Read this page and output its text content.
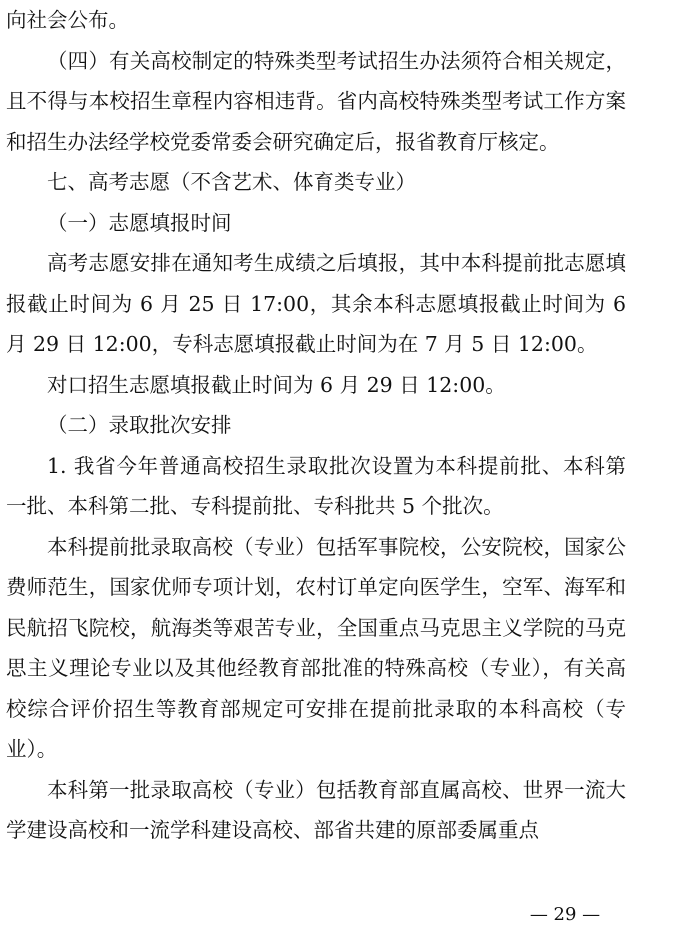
向社会公布。

（四）有关高校制定的特殊类型考试招生办法须符合相关规定，且不得与本校招生章程内容相违背。省内高校特殊类型考试工作方案和招生办法经学校党委常委会研究确定后，报省教育厅核定。

七、高考志愿（不含艺术、体育类专业）

（一）志愿填报时间

高考志愿安排在通知考生成绩之后填报，其中本科提前批志愿填报截止时间为 6 月 25 日 17:00，其余本科志愿填报截止时间为 6 月 29 日 12:00，专科志愿填报截止时间为在 7 月 5 日 12:00。

对口招生志愿填报截止时间为 6 月 29 日 12:00。

（二）录取批次安排

1. 我省今年普通高校招生录取批次设置为本科提前批、本科第一批、本科第二批、专科提前批、专科批共 5 个批次。

本科提前批录取高校（专业）包括军事院校，公安院校，国家公费师范生，国家优师专项计划，农村订单定向医学生，空军、海军和民航招飞院校，航海类等艰苦专业，全国重点马克思主义学院的马克思主义理论专业以及其他经教育部批准的特殊高校（专业），有关高校综合评价招生等教育部规定可安排在提前批录取的本科高校（专业）。

本科第一批录取高校（专业）包括教育部直属高校、世界一流大学建设高校和一流学科建设高校、部省共建的原部委属重点

— 29 —
